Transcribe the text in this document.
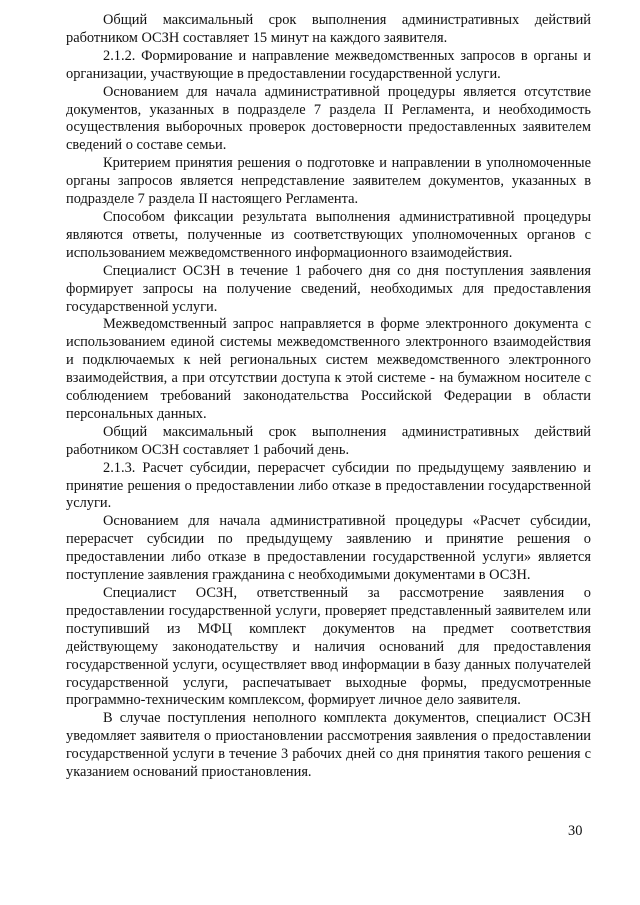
Общий максимальный срок выполнения административных действий работником ОСЗН составляет 15 минут на каждого заявителя.

2.1.2. Формирование и направление межведомственных запросов в органы и организации, участвующие в предоставлении государственной услуги.

Основанием для начала административной процедуры является отсутствие документов, указанных в подразделе 7 раздела II Регламента, и необходимость осуществления выборочных проверок достоверности предоставленных заявителем сведений о составе семьи.

Критерием принятия решения о подготовке и направлении в уполномоченные органы запросов является непредставление заявителем документов, указанных в подразделе 7 раздела II настоящего Регламента.

Способом фиксации результата выполнения административной процедуры являются ответы, полученные из соответствующих уполномоченных органов с использованием межведомственного информационного взаимодействия.

Специалист ОСЗН в течение 1 рабочего дня со дня поступления заявления формирует запросы на получение сведений, необходимых для предоставления государственной услуги.

Межведомственный запрос направляется в форме электронного документа с использованием единой системы межведомственного электронного взаимодействия и подключаемых к ней региональных систем межведомственного электронного взаимодействия, а при отсутствии доступа к этой системе - на бумажном носителе с соблюдением требований законодательства Российской Федерации в области персональных данных.

Общий максимальный срок выполнения административных действий работником ОСЗН составляет 1 рабочий день.

2.1.3. Расчет субсидии, перерасчет субсидии по предыдущему заявлению и принятие решения о предоставлении либо отказе в предоставлении государственной услуги.

Основанием для начала административной процедуры «Расчет субсидии, перерасчет субсидии по предыдущему заявлению и принятие решения о предоставлении либо отказе в предоставлении государственной услуги» является поступление заявления гражданина с необходимыми документами в ОСЗН.

Специалист ОСЗН, ответственный за рассмотрение заявления о предоставлении государственной услуги, проверяет представленный заявителем или поступивший из МФЦ комплект документов на предмет соответствия действующему законодательству и наличия оснований для предоставления государственной услуги, осуществляет ввод информации в базу данных получателей государственной услуги, распечатывает выходные формы, предусмотренные программно-техническим комплексом, формирует личное дело заявителя.

В случае поступления неполного комплекта документов, специалист ОСЗН уведомляет заявителя о приостановлении рассмотрения заявления о предоставлении государственной услуги в течение 3 рабочих дней со дня принятия такого решения с указанием оснований приостановления.

30
